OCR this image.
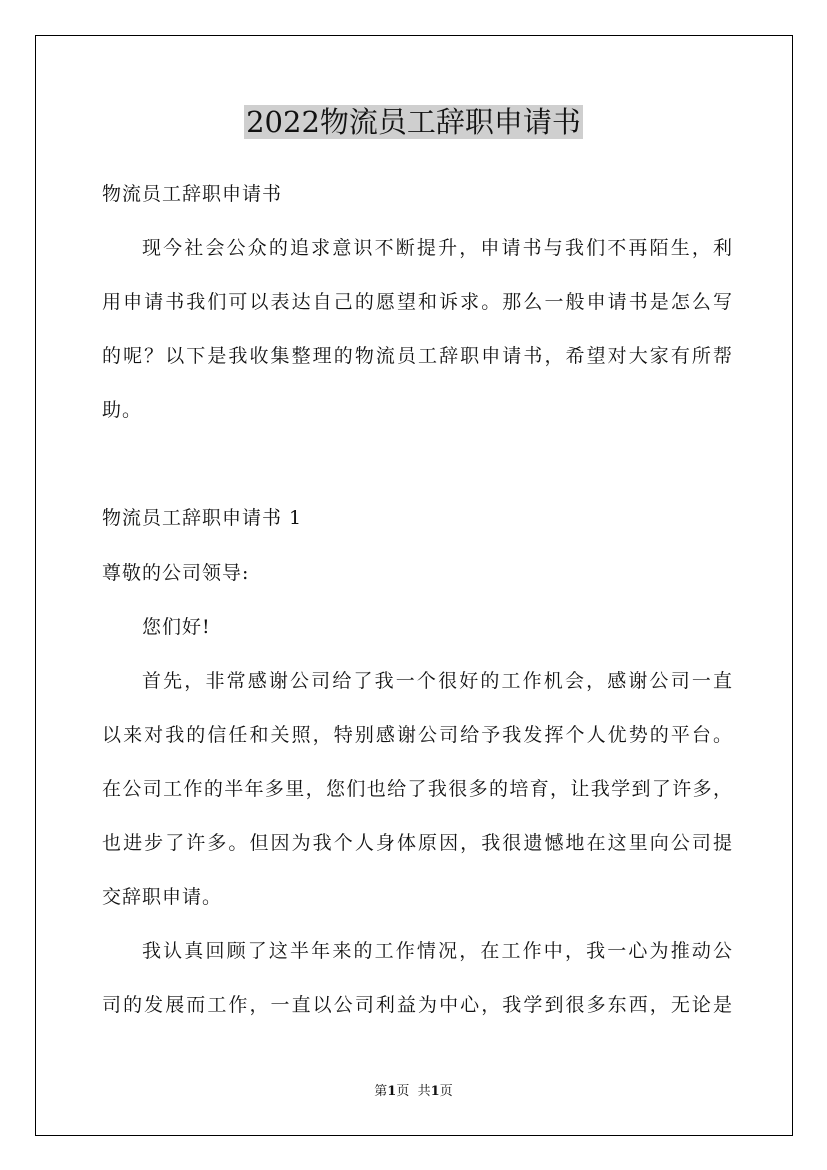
2022物流员工辞职申请书
物流员工辞职申请书
现今社会公众的追求意识不断提升，申请书与我们不再陌生，利
用申请书我们可以表达自己的愿望和诉求。那么一般申请书是怎么写
的呢？以下是我收集整理的物流员工辞职申请书，希望对大家有所帮
助。
物流员工辞职申请书 1
尊敬的公司领导:
您们好!
首先，非常感谢公司给了我一个很好的工作机会，感谢公司一直
以来对我的信任和关照，特别感谢公司给予我发挥个人优势的平台。
在公司工作的半年多里，您们也给了我很多的培育，让我学到了许多，
也进步了许多。但因为我个人身体原因，我很遗憾地在这里向公司提
交辞职申请。
我认真回顾了这半年来的工作情况，在工作中，我一心为推动公
司的发展而工作，一直以公司利益为中心，我学到很多东西，无论是
第1页 共1页
